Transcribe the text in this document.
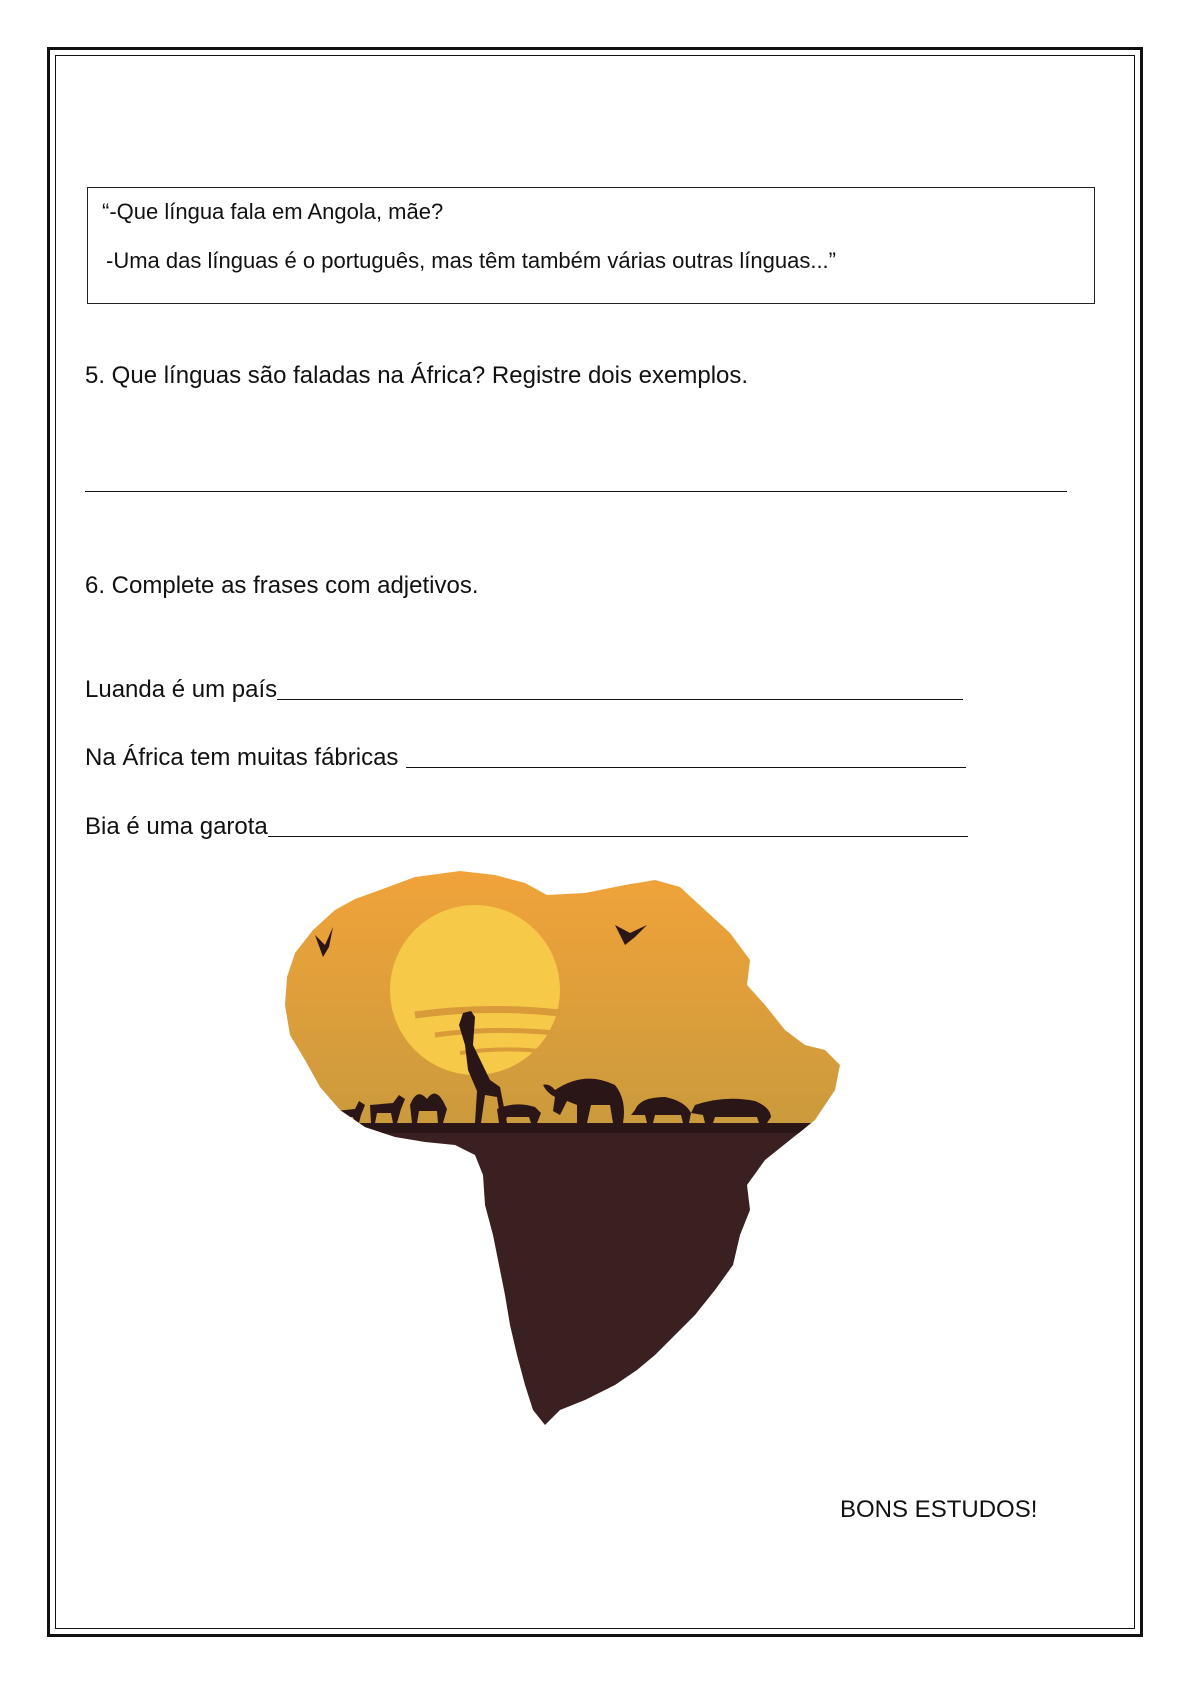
“-Que língua fala em Angola, mãe?
-Uma das línguas é o português, mas têm também várias outras línguas...”
5. Que línguas são faladas na África? Registre dois exemplos.
6. Complete as frases com adjetivos.
Luanda é um país
Na África tem muitas fábricas
Bia é uma garota
BONS ESTUDOS!
